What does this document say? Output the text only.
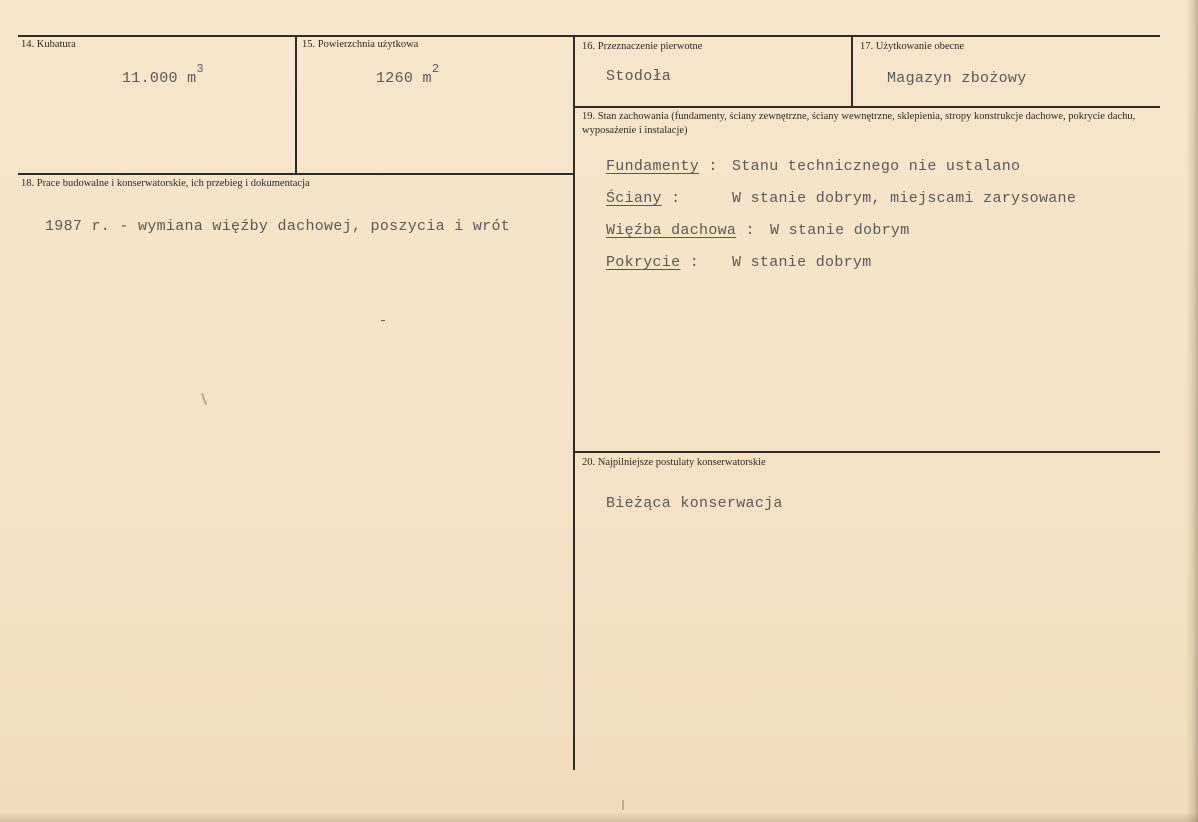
14. Kubatura
11.000 $m^3$
15. Powierzchnia użytkowa
1260 $m^2$
16. Przeznaczenie pierwotne
Stodoła
17. Użytkowanie obecne
Magazyn zbożowy
18. Prace budowalne i konserwatorskie, ich przebieg i dokumentacja
1987 r. - wymiana więźby dachowej, poszycia i wrót
19. Stan zachowania (fundamenty, ściany zewnętrzne, ściany wewnętrzne, sklepienia, stropy konstrukcje dachowe, pokrycie dachu, wyposażenie i instalacje)
Fundamenty : Stanu technicznego nie ustalano
Ściany :	W stanie dobrym, miejscami zarysowane
Więźba dachowa : W stanie dobrym
Pokrycie : W stanie dobrym
20. Najpilniejsze postulaty konserwatorskie
Bieżąca konserwacja
